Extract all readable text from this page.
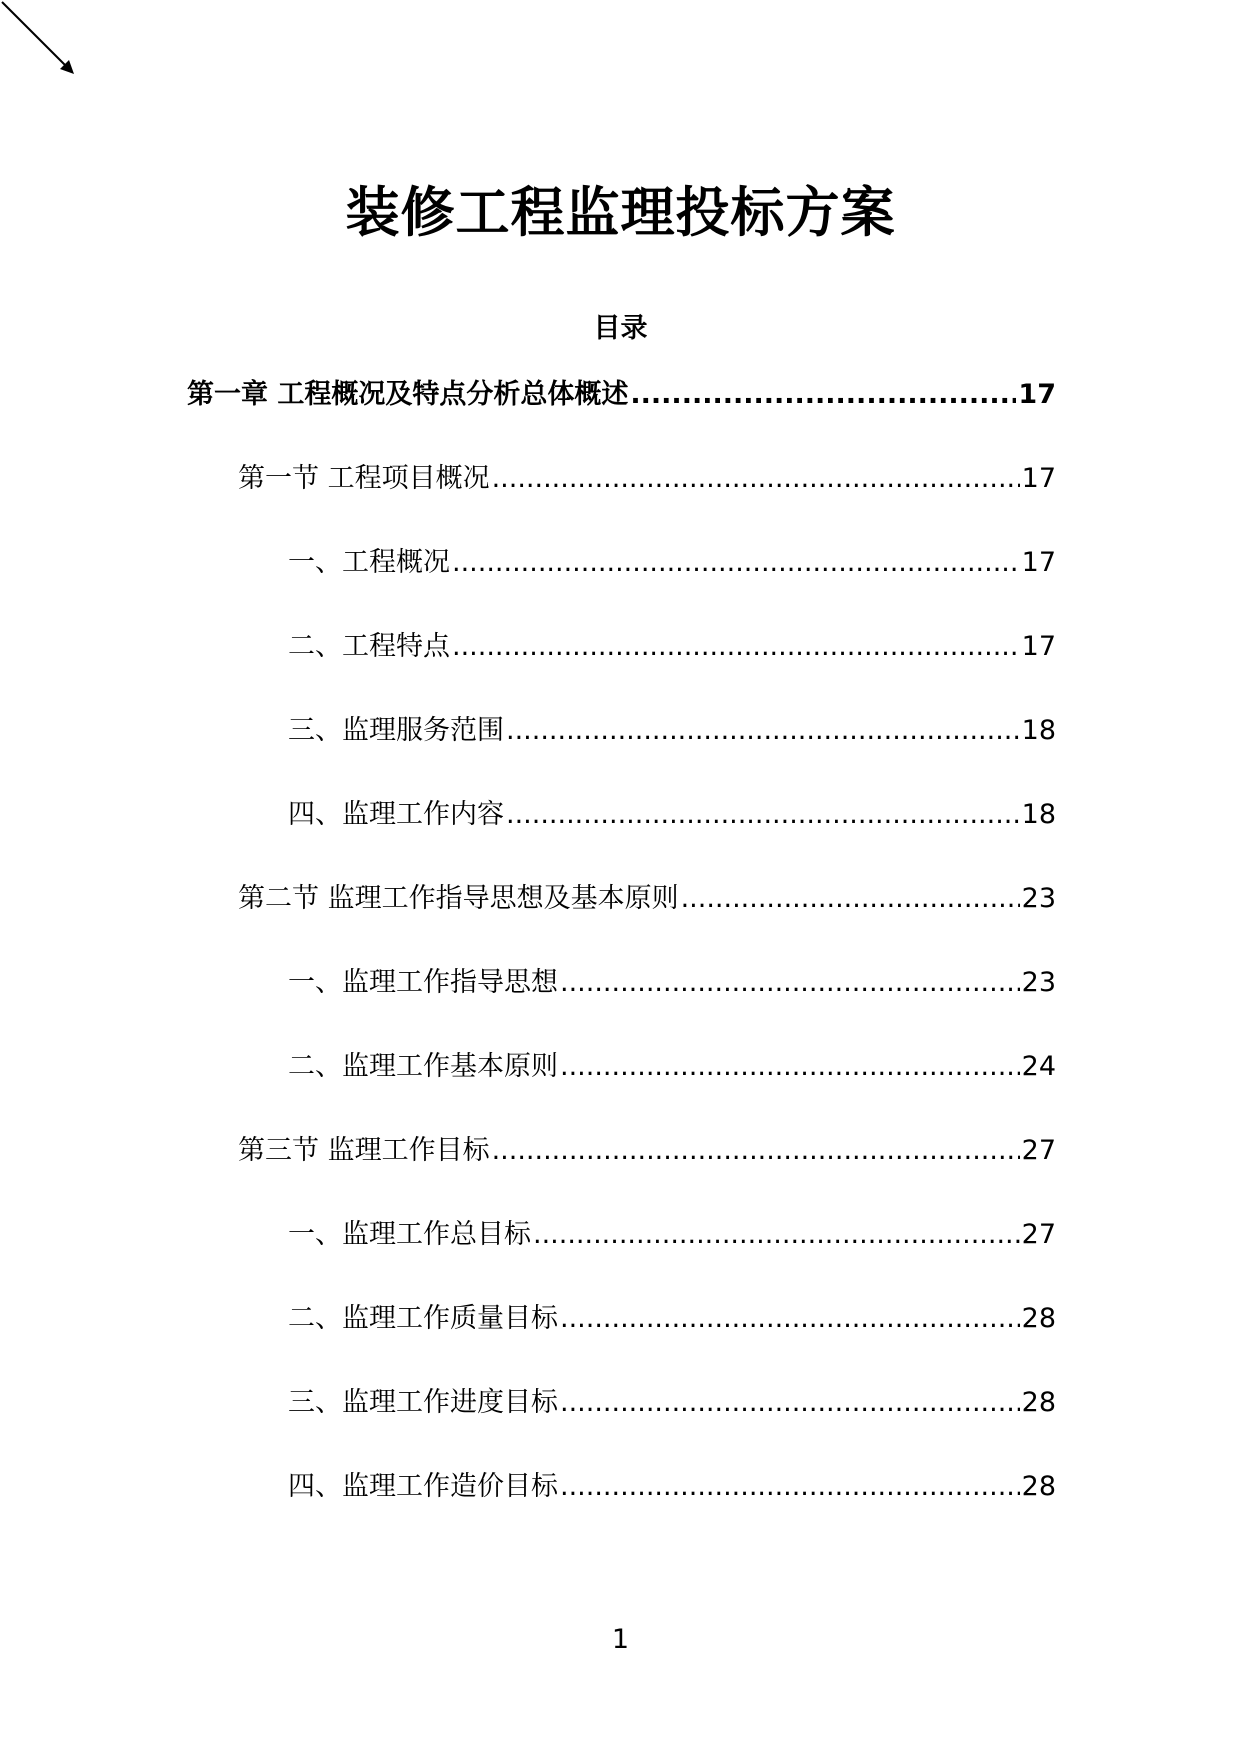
装修工程监理投标方案
目录
第一章 工程概况及特点分析总体概述 .....	17
第一节 工程项目概况 .....	17
一、工程概况 .....	17
二、工程特点 .....	17
三、监理服务范围 .....	18
四、监理工作内容 .....	18
第二节 监理工作指导思想及基本原则 .....	23
一、监理工作指导思想 .....	23
二、监理工作基本原则 .....	24
第三节 监理工作目标 .....	27
一、监理工作总目标 .....	27
二、监理工作质量目标 .....	28
三、监理工作进度目标 .....	28
四、监理工作造价目标 .....	28
1
